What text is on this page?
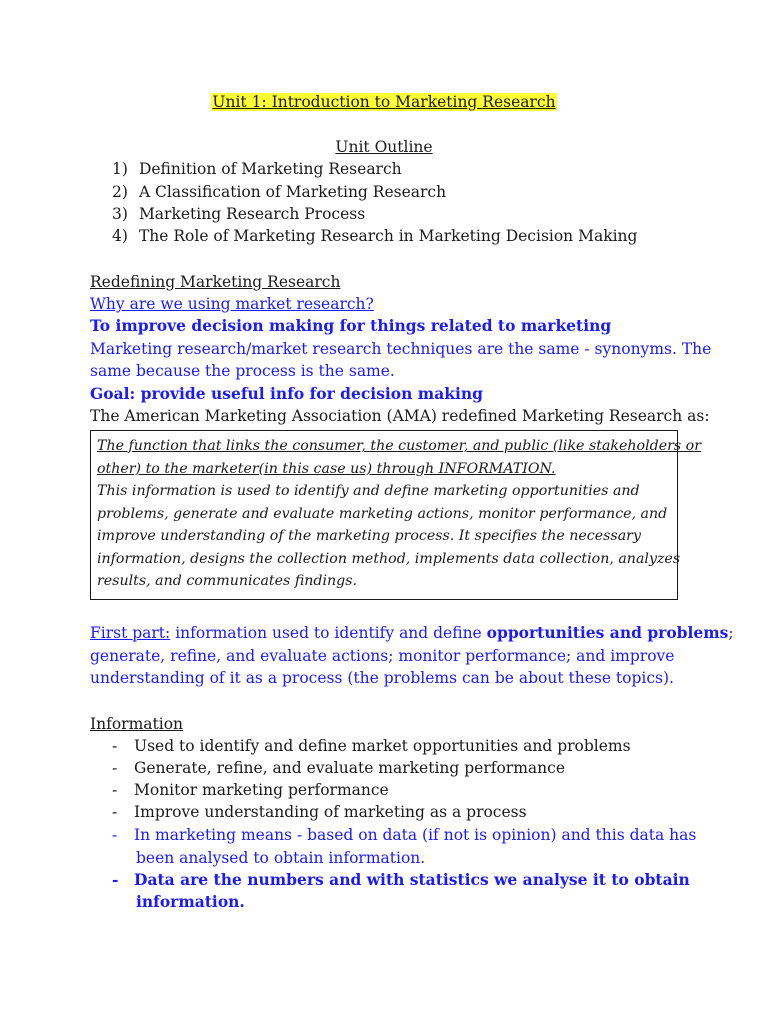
Unit 1: Introduction to Marketing Research
Unit Outline
1) Definition of Marketing Research
2) A Classification of Marketing Research
3) Marketing Research Process
4) The Role of Marketing Research in Marketing Decision Making
Redefining Marketing Research
Why are we using market research?
To improve decision making for things related to marketing
Marketing research/market research techniques are the same - synonyms. The
same because the process is the same.
Goal: provide useful info for decision making
The American Marketing Association (AMA) redefined Marketing Research as:
The function that links the consumer, the customer, and public (like stakeholders or
other) to the marketer(in this case us) through INFORMATION.
This information is used to identify and define marketing opportunities and
problems, generate and evaluate marketing actions, monitor performance, and
improve understanding of the marketing process. It specifies the necessary
information, designs the collection method, implements data collection, analyzes
results, and communicates findings.
First part: information used to identify and define opportunities and problems;
generate, refine, and evaluate actions; monitor performance; and improve
understanding of it as a process (the problems can be about these topics).
Information
- Used to identify and define market opportunities and problems
- Generate, refine, and evaluate marketing performance
- Monitor marketing performance
- Improve understanding of marketing as a process
- In marketing means - based on data (if not is opinion) and this data has
been analysed to obtain information.
- Data are the numbers and with statistics we analyse it to obtain
information.
